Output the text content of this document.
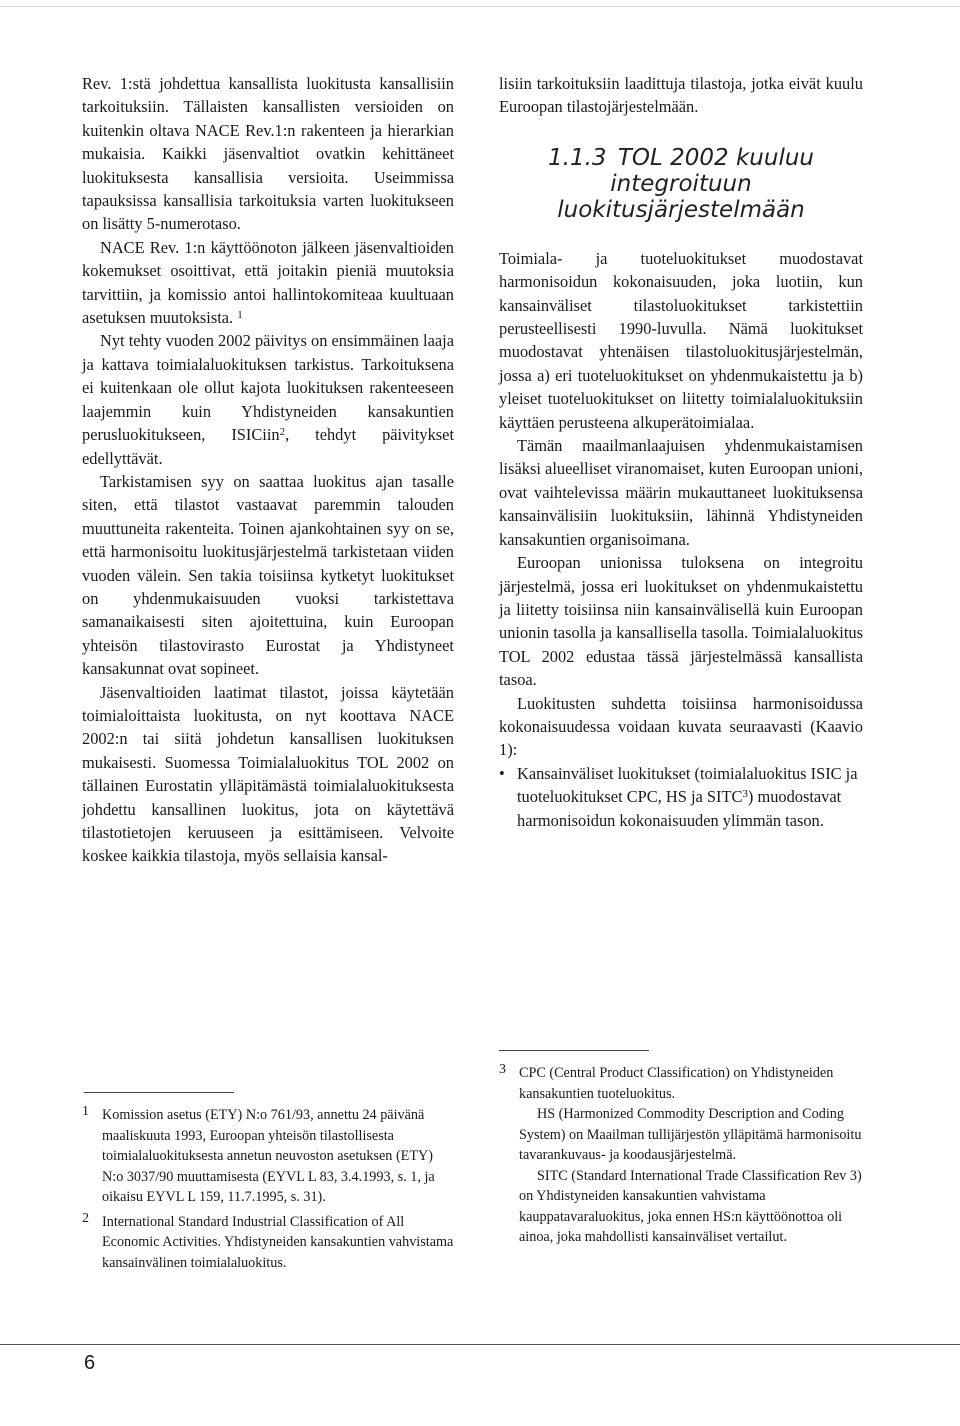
Rev. 1:stä johdettua kansallista luokitusta kansallisiin tarkoituksiin. Tällaisten kansallisten versioiden on kuitenkin oltava NACE Rev.1:n rakenteen ja hierarkian mukaisia. Kaikki jäsenvaltiot ovatkin kehittäneet luokituksesta kansallisia versioita. Useimmissa tapauksissa kansallisia tarkoituksia varten luokitukseen on lisätty 5-numerotaso.

NACE Rev. 1:n käyttöönoton jälkeen jäsenvaltioiden kokemukset osoittivat, että joitakin pieniä muutoksia tarvittiin, ja komissio antoi hallintokomiteaa kuultuaan asetuksen muutoksista. $^1$

Nyt tehty vuoden 2002 päivitys on ensimmäinen laaja ja kattava toimialaluokituksen tarkistus. Tarkoituksena ei kuitenkaan ole ollut kajota luokituksen rakenteeseen laajemmin kuin Yhdistyneiden kansakuntien perusluokitukseen, ISICiin$^2$, tehdyt päivitykset edellyttävät.

Tarkistamisen syy on saattaa luokitus ajan tasalle siten, että tilastot vastaavat paremmin talouden muuttuneita rakenteita. Toinen ajankohtainen syy on se, että harmonisoitu luokitusjärjestelmä tarkistetaan viiden vuoden välein. Sen takia toisiinsa kytketyt luokitukset on yhdenmukaisuuden vuoksi tarkistettava samanaikaisesti siten ajoitettuina, kuin Euroopan yhteisön tilastovirasto Eurostat ja Yhdistyneet kansakunnat ovat sopineet.

Jäsenvaltioiden laatimat tilastot, joissa käytetään toimialoittaista luokitusta, on nyt koottava NACE 2002:n tai siitä johdetun kansallisen luokituksen mukaisesti. Suomessa Toimialaluokitus TOL 2002 on tällainen Eurostatin ylläpitämästä toimialaluokituksesta johdettu kansallinen luokitus, jota on käytettävä tilastotietojen keruuseen ja esittämiseen. Velvoite koskee kaikkia tilastoja, myös sellaisia kansal-

lisiin tarkoituksiin laadittuja tilastoja, jotka eivät kuulu Euroopan tilastojärjestelmään.

1.1.3 TOL 2002 kuuluu integroituun luokitusjärjestelmään

Toimiala- ja tuoteluokitukset muodostavat harmonisoidun kokonaisuuden, joka luotiin, kun kansainväliset tilastoluokitukset tarkistettiin perusteellisesti 1990-luvulla. Nämä luokitukset muodostavat yhtenäisen tilastoluokitusjärjestelmän, jossa a) eri tuoteluokitukset on yhdenmukaistettu ja b) yleiset tuoteluokitukset on liitetty toimialaluokituksiin käyttäen perusteena alkuperätoimialaa.

Tämän maailmanlaajuisen yhdenmukaistamisen lisäksi alueelliset viranomaiset, kuten Euroopan unioni, ovat vaihtelevissa määrin mukauttaneet luokituksensa kansainvälisiin luokituksiin, lähinnä Yhdistyneiden kansakuntien organisoimana.

Euroopan unionissa tuloksena on integroitu järjestelmä, jossa eri luokitukset on yhdenmukaistettu ja liitetty toisiinsa niin kansainvälisellä kuin Euroopan unionin tasolla ja kansallisella tasolla. Toimialaluokitus TOL 2002 edustaa tässä järjestelmässä kansallista tasoa.

Luokitusten suhdetta toisiinsa harmonisoidussa kokonaisuudessa voidaan kuvata seuraavasti (Kaavio 1):

• Kansainväliset luokitukset (toimialaluokitus ISIC ja tuoteluokitukset CPC, HS ja SITC$^3$) muodostavat harmonisoidun kokonaisuuden ylimmän tason.
1 Komission asetus (ETY) N:o 761/93, annettu 24 päivänä maaliskuuta 1993, Euroopan yhteisön tilastollisesta toimialaluokituksesta annetun neuvoston asetuksen (ETY) N:o 3037/90 muuttamisesta (EYVL L 83, 3.4.1993, s. 1, ja oikaisu EYVL L 159, 11.7.1995, s. 31).

2 International Standard Industrial Classification of All Economic Activities. Yhdistyneiden kansakuntien vahvistama kansainvälinen toimialaluokitus.

3 CPC (Central Product Classification) on Yhdistyneiden kansakuntien tuoteluokitus.

HS (Harmonized Commodity Description and Coding System) on Maailman tullijärjestön ylläpitämä harmonisoitu tavarankuvaus- ja koodausjärjestelmä.

SITC (Standard International Trade Classification Rev 3) on Yhdistyneiden kansakuntien vahvistama kauppatavaraluokitus, joka ennen HS:n käyttöönottoa oli ainoa, joka mahdollisti kansainväliset vertailut.

6
